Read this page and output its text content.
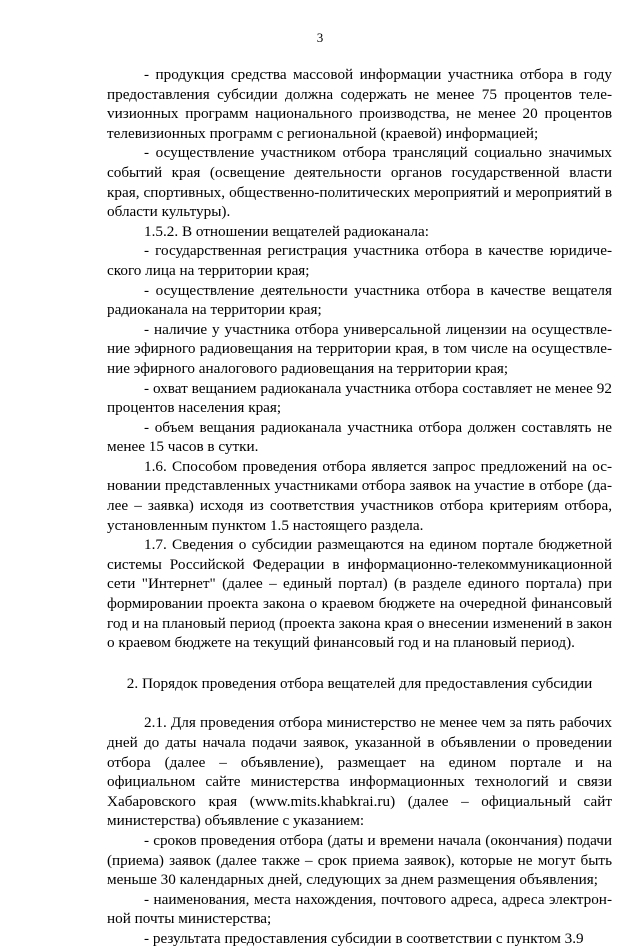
3

- продукция средства массовой информации участника отбора в году предоставления субсидии должна содержать не менее 75 процентов телеvизионных программ национального производства, не менее 20 процентов телевизионных программ с региональной (краевой) информацией;

- осуществление участником отбора трансляций социально значимых событий края (освещение деятельности органов государственной власти края, спортивных, общественно-политических мероприятий и мероприятий в области культуры).

1.5.2. В отношении вещателей радиоканала:

- государственная регистрация участника отбора в качестве юридического лица на территории края;

- осуществление деятельности участника отбора в качестве вещателя радиоканала на территории края;

- наличие у участника отбора универсальной лицензии на осуществление эфирного радиовещания на территории края, в том числе на осуществление эфирного аналогового радиовещания на территории края;

- охват вещанием радиоканала участника отбора составляет не менее 92 процентов населения края;

- объем вещания радиоканала участника отбора должен составлять не менее 15 часов в сутки.

1.6. Способом проведения отбора является запрос предложений на основании представленных участниками отбора заявок на участие в отборе (далее – заявка) исходя из соответствия участников отбора критериям отбора, установленным пунктом 1.5 настоящего раздела.

1.7. Сведения о субсидии размещаются на едином портале бюджетной системы Российской Федерации в информационно-телекоммуникационной сети "Интернет" (далее – единый портал) (в разделе единого портала) при формировании проекта закона о краевом бюджете на очередной финансовый год и на плановый период (проекта закона края о внесении изменений в закон о краевом бюджете на текущий финансовый год и на плановый период).

2. Порядок проведения отбора вещателей для предоставления субсидии

2.1. Для проведения отбора министерство не менее чем за пять рабочих дней до даты начала подачи заявок, указанной в объявлении о проведении отбора (далее – объявление), размещает на едином портале и на официальном сайте министерства информационных технологий и связи Хабаровского края (www.mits.khabkrai.ru) (далее – официальный сайт министерства) объявление с указанием:

- сроков проведения отбора (даты и времени начала (окончания) подачи (приема) заявок (далее также – срок приема заявок), которые не могут быть меньше 30 календарных дней, следующих за днем размещения объявления;

- наименования, места нахождения, почтового адреса, адреса электронной почты министерства;

- результата предоставления субсидии в соответствии с пунктом 3.9
